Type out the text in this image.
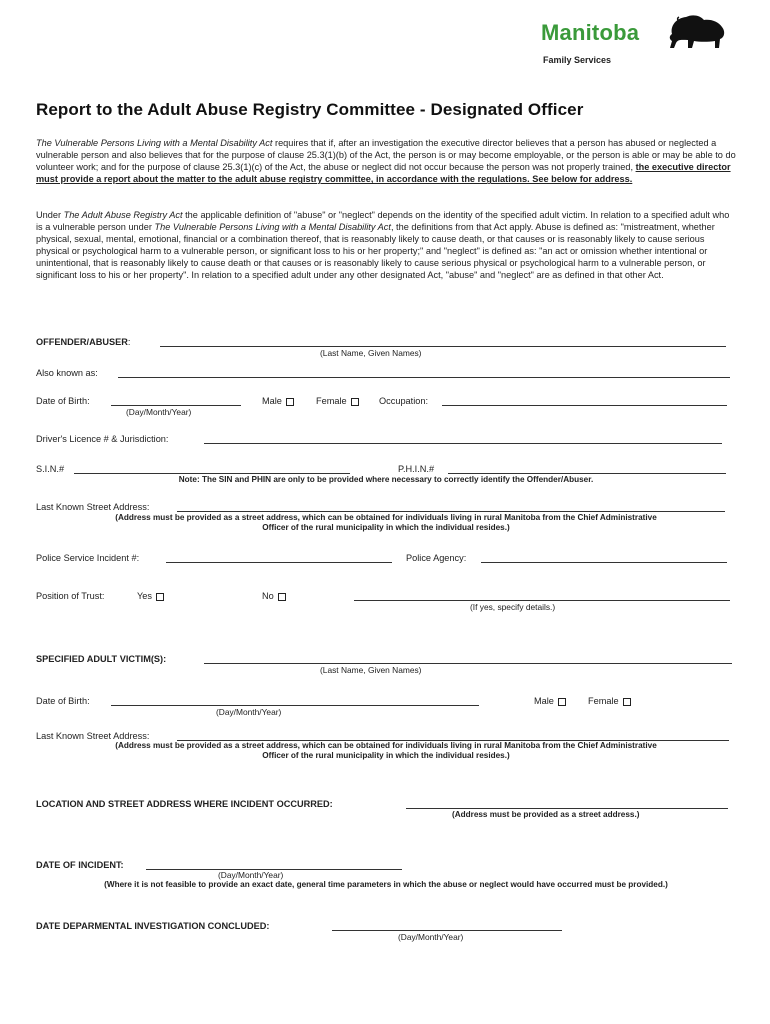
Manitoba
Family Services
Report to the Adult Abuse Registry Committee - Designated Officer
The Vulnerable Persons Living with a Mental Disability Act requires that if, after an investigation the executive director believes that a person has abused or neglected a vulnerable person and also believes that for the purpose of clause 25.3(1)(b) of the Act, the person is or may become employable, or the person is able or may be able to do volunteer work; and for the purpose of clause 25.3(1)(c) of the Act, the abuse or neglect did not occur because the person was not properly trained, the executive director must provide a report about the matter to the adult abuse registry committee, in accordance with the regulations. See below for address.
Under The Adult Abuse Registry Act the applicable definition of "abuse" or "neglect" depends on the identity of the specified adult victim. In relation to a specified adult who is a vulnerable person under The Vulnerable Persons Living with a Mental Disability Act, the definitions from that Act apply. Abuse is defined as: "mistreatment, whether physical, sexual, mental, emotional, financial or a combination thereof, that is reasonably likely to cause death, or that causes or is reasonably likely to cause serious physical or psychological harm to a vulnerable person, or significant loss to his or her property;" and "neglect" is defined as: "an act or omission whether intentional or unintentional, that is reasonably likely to cause death or that causes or is reasonably likely to cause serious physical or psychological harm to a vulnerable person, or significant loss to his or her property". In relation to a specified adult under any other designated Act, "abuse" and "neglect" are as defined in that other Act.
OFFENDER/ABUSER:
(Last Name, Given Names)
Also known as:
Date of Birth:
(Day/Month/Year)
Male	Female	Occupation:
Driver's Licence # & Jurisdiction:
S.I.N.#	P.H.I.N.#
Note: The SIN and PHIN are only to be provided where necessary to correctly identify the Offender/Abuser.
Last Known Street Address:
(Address must be provided as a street address, which can be obtained for individuals living in rural Manitoba from the Chief Administrative
Officer of the rural municipality in which the individual resides.)
Police Service Incident #:	Police Agency:
Position of Trust:	Yes	No
(If yes, specify details.)
SPECIFIED ADULT VICTIM(S):
(Last Name, Given Names)
Date of Birth:
(Day/Month/Year)
Male	Female
Last Known Street Address:
(Address must be provided as a street address, which can be obtained for individuals living in rural Manitoba from the Chief Administrative
Officer of the rural municipality in which the individual resides.)
LOCATION AND STREET ADDRESS WHERE INCIDENT OCCURRED:
(Address must be provided as a street address.)
DATE OF INCIDENT:
(Day/Month/Year)
(Where it is not feasible to provide an exact date, general time parameters in which the abuse or neglect would have occurred must be provided.)
DATE DEPARMENTAL INVESTIGATION CONCLUDED:
(Day/Month/Year)
